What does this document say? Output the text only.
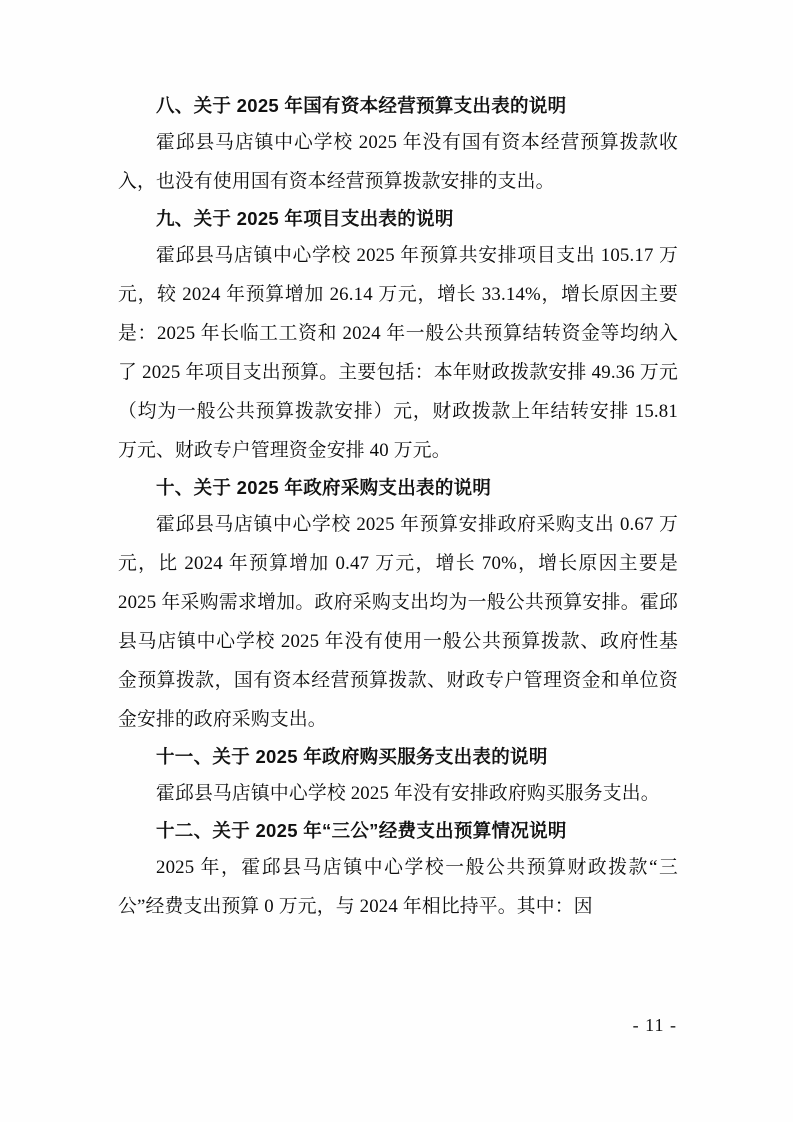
八、关于 2025 年国有资本经营预算支出表的说明

霍邱县马店镇中心学校 2025 年没有国有资本经营预算拨款收入，也没有使用国有资本经营预算拨款安排的支出。

九、关于 2025 年项目支出表的说明

霍邱县马店镇中心学校 2025 年预算共安排项目支出 105.17 万元，较 2024 年预算增加 26.14 万元，增长 33.14%，增长原因主要是：2025 年长临工工资和 2024 年一般公共预算结转资金等均纳入了 2025 年项目支出预算。主要包括：本年财政拨款安排 49.36 万元（均为一般公共预算拨款安排）元，财政拨款上年结转安排 15.81 万元、财政专户管理资金安排 40 万元。

十、关于 2025 年政府采购支出表的说明

霍邱县马店镇中心学校 2025 年预算安排政府采购支出 0.67 万元，比 2024 年预算增加 0.47 万元，增长 70%，增长原因主要是 2025 年采购需求增加。政府采购支出均为一般公共预算安排。霍邱县马店镇中心学校 2025 年没有使用一般公共预算拨款、政府性基金预算拨款，国有资本经营预算拨款、财政专户管理资金和单位资金安排的政府采购支出。

十一、关于 2025 年政府购买服务支出表的说明

霍邱县马店镇中心学校 2025 年没有安排政府购买服务支出。

十二、关于 2025 年“三公”经费支出预算情况说明

2025 年，霍邱县马店镇中心学校一般公共预算财政拨款“三公”经费支出预算 0 万元，与 2024 年相比持平。其中：因

- 11 -
